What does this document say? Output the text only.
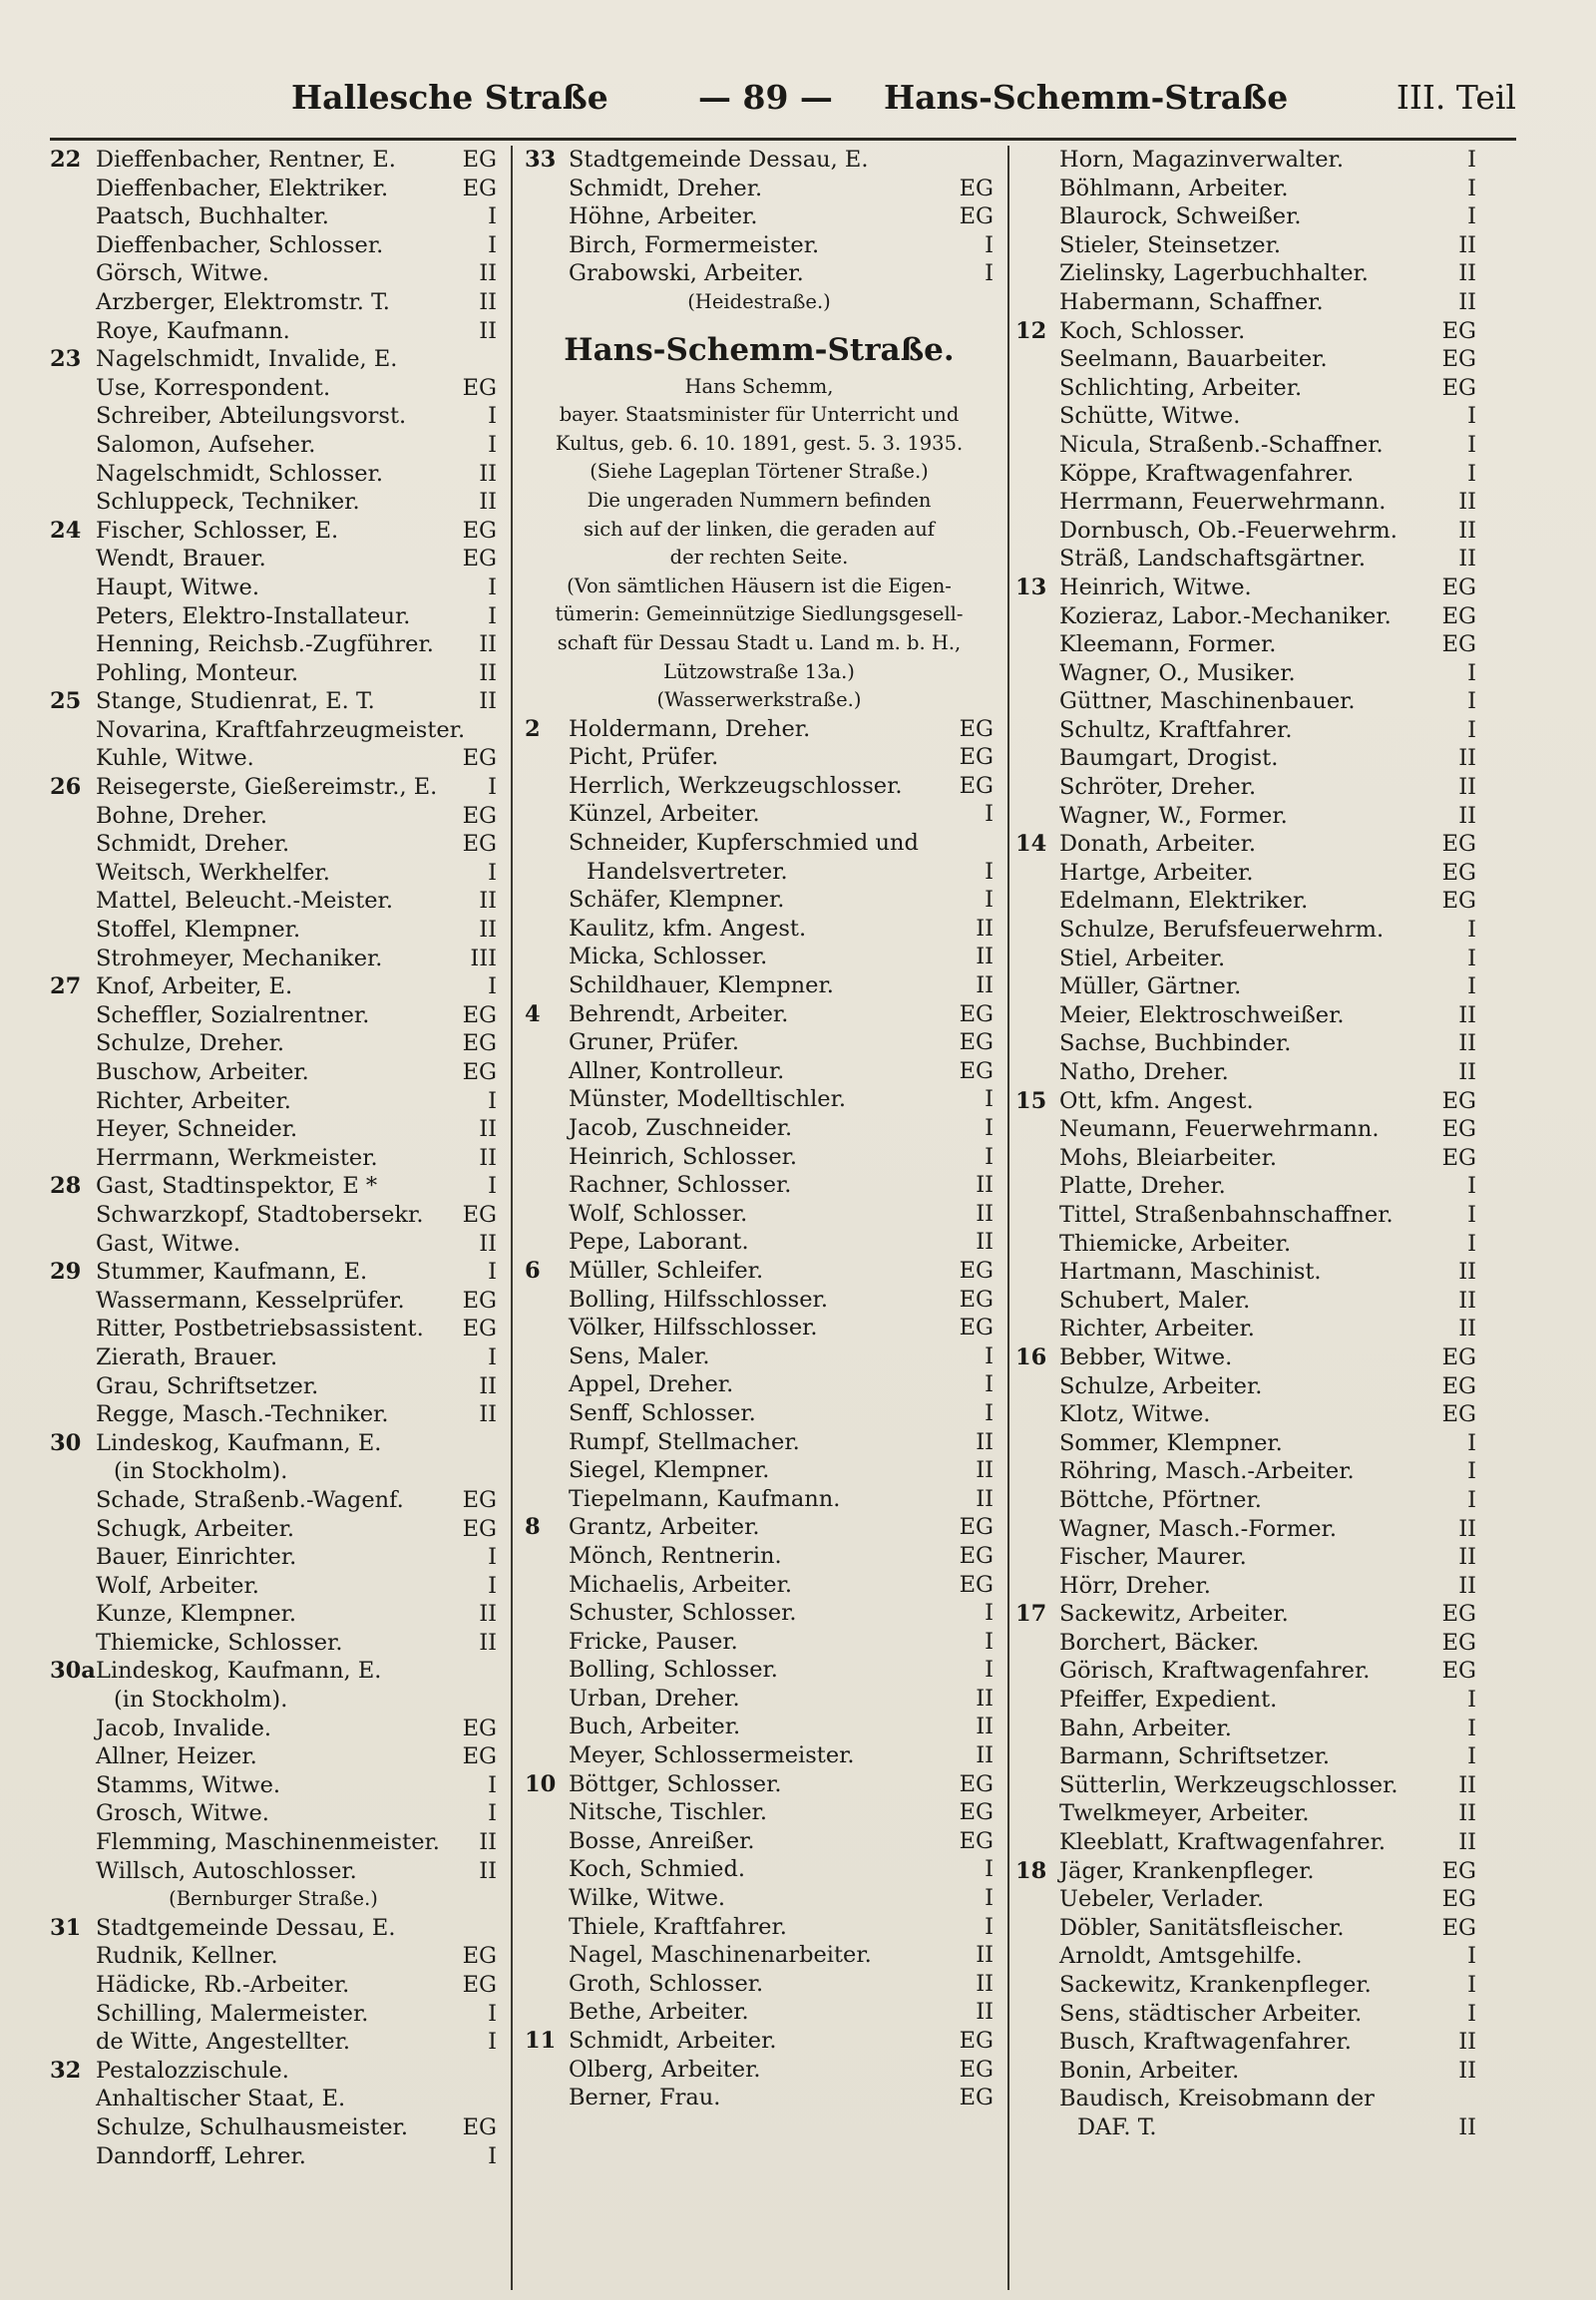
Hallesche Straße	— 89 — Hans-Schemm-Straße	III. Teil
22 Dieffenbacher, Rentner, E.	EG
Dieffenbacher, Elektriker.	EG
Paatsch, Buchhalter.	I
Dieffenbacher, Schlosser.	I
Görsch, Witwe.	II
Arzberger, Elektromstr. T.	II
Roye, Kaufmann.	II
23 Nagelschmidt, Invalide, E.
Use, Korrespondent.	EG
Schreiber, Abteilungsvorst.	I
Salomon, Aufseher.	I
Nagelschmidt, Schlosser.	II
Schluppeck, Techniker.	II
24 Fischer, Schlosser, E.	EG
Wendt, Brauer.	EG
Haupt, Witwe.	I
Peters, Elektro-Installateur.	I
Henning, Reichsb.-Zugführer. II
Pohling, Monteur.	II
25 Stange, Studienrat, E. T.	II
Novarina, Kraftfahrzeugmeister.
Kuhle, Witwe.	EG
26 Reisegerste, Gießereimstr., E. I
Bohne, Dreher.	EG
Schmidt, Dreher.	EG
Weitsch, Werkhelfer.	I
Mattel, Beleucht.-Meister.	II
Stoffel, Klempner.	II
Strohmeyer, Mechaniker.	III
27 Knof, Arbeiter, E.	I
Scheffler, Sozialrentner.	EG
Schulze, Dreher.	EG
Buschow, Arbeiter.	EG
Richter, Arbeiter.	I
Heyer, Schneider.	II
Herrmann, Werkmeister.	II
28 Gast, Stadtinspektor, E *	I
Schwarzkopf, Stadtobersekr. EG
Gast, Witwe.	II
29 Stummer, Kaufmann, E.	I
Wassermann, Kesselprüfer.	EG
Ritter, Postbetriebsassistent. EG
Zierath, Brauer.	I
Grau, Schriftsetzer.	II
Regge, Masch.-Techniker.	II
30 Lindeskog, Kaufmann, E.
(in Stockholm).
Schade, Straßenb.-Wagenf.	EG
Schugk, Arbeiter.	EG
Bauer, Einrichter.	I
Wolf, Arbeiter.	I
Kunze, Klempner.	II
Thiemicke, Schlosser.	II
30a Lindeskog, Kaufmann, E.
(in Stockholm).
Jacob, Invalide.	EG
Allner, Heizer.	EG
Stamms, Witwe.	I
Grosch, Witwe.	I
Flemming, Maschinenmeister. II
Willsch, Autoschlosser.	II
(Bernburger Straße.)
31 Stadtgemeinde Dessau, E.
Rudnik, Kellner.	EG
Hädicke, Rb.-Arbeiter.	EG
Schilling, Malermeister.	I
de Witte, Angestellter.	I
32 Pestalozzischule.
Anhaltischer Staat, E.
Schulze, Schulhausmeister. EG
Danndorff, Lehrer.	I
33 Stadtgemeinde Dessau, E.
Schmidt, Dreher.	EG
Höhne, Arbeiter.	EG
Birch, Formermeister.	I
Grabowski, Arbeiter.	I
(Heidestraße.)
Hans-Schemm-Straße.
Hans Schemm,
bayer. Staatsminister für Unterricht und
Kultus, geb. 6. 10. 1891, gest. 5. 3. 1935.
(Siehe Lageplan Törtener Straße.)
Die ungeraden Nummern befinden
sich auf der linken, die geraden auf
der rechten Seite.
(Von sämtlichen Häusern ist die Eigen-
tümerin: Gemeinnützige Siedlungsgesell-
schaft für Dessau Stadt u. Land m. b. H.,
Lützowstraße 13a.)
(Wasserwerkstraße.)
2 Holdermann, Dreher.	EG
Picht, Prüfer.	EG
Herrlich, Werkzeugschlosser.	EG
Künzel, Arbeiter.	I
Schneider, Kupferschmied und
Handelsvertreter.	I
Schäfer, Klempner.	I
Kaulitz, kfm. Angest.	II
Micka, Schlosser.	II
Schildhauer, Klempner.	II
4 Behrendt, Arbeiter.	EG
Gruner, Prüfer.	EG
Allner, Kontrolleur.	EG
Münster, Modelltischler.	I
Jacob, Zuschneider.	I
Heinrich, Schlosser.	I
Rachner, Schlosser.	II
Wolf, Schlosser.	II
Pepe, Laborant.	II
6 Müller, Schleifer.	EG
Bolling, Hilfsschlosser.	EG
Völker, Hilfsschlosser.	EG
Sens, Maler.	I
Appel, Dreher.	I
Senff, Schlosser.	I
Rumpf, Stellmacher.	II
Siegel, Klempner.	II
Tiepelmann, Kaufmann.	II
8 Grantz, Arbeiter.	EG
Mönch, Rentnerin.	EG
Michaelis, Arbeiter.	EG
Schuster, Schlosser.	I
Fricke, Pauser.	I
Bolling, Schlosser.	I
Urban, Dreher.	II
Buch, Arbeiter.	II
Meyer, Schlossermeister.	II
10 Böttger, Schlosser.	EG
Nitsche, Tischler.	EG
Bosse, Anreißer.	EG
Koch, Schmied.	I
Wilke, Witwe.	I
Thiele, Kraftfahrer.	I
Nagel, Maschinenarbeiter.	II
Groth, Schlosser.	II
Bethe, Arbeiter.	II
11 Schmidt, Arbeiter.	EG
Olberg, Arbeiter.	EG
Berner, Frau.	EG
Horn, Magazinverwalter.	I
Böhlmann, Arbeiter.	I
Blaurock, Schweißer.	I
Stieler, Steinsetzer.	II
Zielinsky, Lagerbuchhalter.	II
Habermann, Schaffner.	II
12 Koch, Schlosser.	EG
Seelmann, Bauarbeiter.	EG
Schlichting, Arbeiter.	EG
Schütte, Witwe.	I
Nicula, Straßenb.-Schaffner.	I
Köppe, Kraftwagenfahrer.	I
Herrmann, Feuerwehrmann.	II
Dornbusch, Ob.-Feuerwehrm.	II
Sträß, Landschaftsgärtner.	II
13 Heinrich, Witwe.	EG
Kozieraz, Labor.-Mechaniker. EG
Kleemann, Former.	EG
Wagner, O., Musiker.	I
Güttner, Maschinenbauer.	I
Schultz, Kraftfahrer.	I
Baumgart, Drogist.	II
Schröter, Dreher.	II
Wagner, W., Former.	II
14 Donath, Arbeiter.	EG
Hartge, Arbeiter.	EG
Edelmann, Elektriker.	EG
Schulze, Berufsfeuerwehrm.	I
Stiel, Arbeiter.	I
Müller, Gärtner.	I
Meier, Elektroschweißer.	II
Sachse, Buchbinder.	II
Natho, Dreher.	II
15 Ott, kfm. Angest.	EG
Neumann, Feuerwehrmann.	EG
Mohs, Bleiarbeiter.	EG
Platte, Dreher.	I
Tittel, Straßenbahnschaffner.	I
Thiemicke, Arbeiter.	I
Hartmann, Maschinist.	II
Schubert, Maler.	II
Richter, Arbeiter.	II
16 Bebber, Witwe.	EG
Schulze, Arbeiter.	EG
Klotz, Witwe.	EG
Sommer, Klempner.	I
Röhring, Masch.-Arbeiter.	I
Böttche, Pförtner.	I
Wagner, Masch.-Former.	II
Fischer, Maurer.	II
Hörr, Dreher.	II
17 Sackewitz, Arbeiter.	EG
Borchert, Bäcker.	EG
Görisch, Kraftwagenfahrer.	EG
Pfeiffer, Expedient.	I
Bahn, Arbeiter.	I
Barmann, Schriftsetzer.	I
Sütterlin, Werkzeugschlosser.	II
Twelkmeyer, Arbeiter.	II
Kleeblatt, Kraftwagenfahrer.	II
18 Jäger, Krankenpfleger.	EG
Uebeler, Verlader.	EG
Döbler, Sanitätsfleischer.	EG
Arnoldt, Amtsgehilfe.	I
Sackewitz, Krankenpfleger.	I
Sens, städtischer Arbeiter.	I
Busch, Kraftwagenfahrer.	II
Bonin, Arbeiter.	II
Baudisch, Kreisobmann der
DAF. T.	II
